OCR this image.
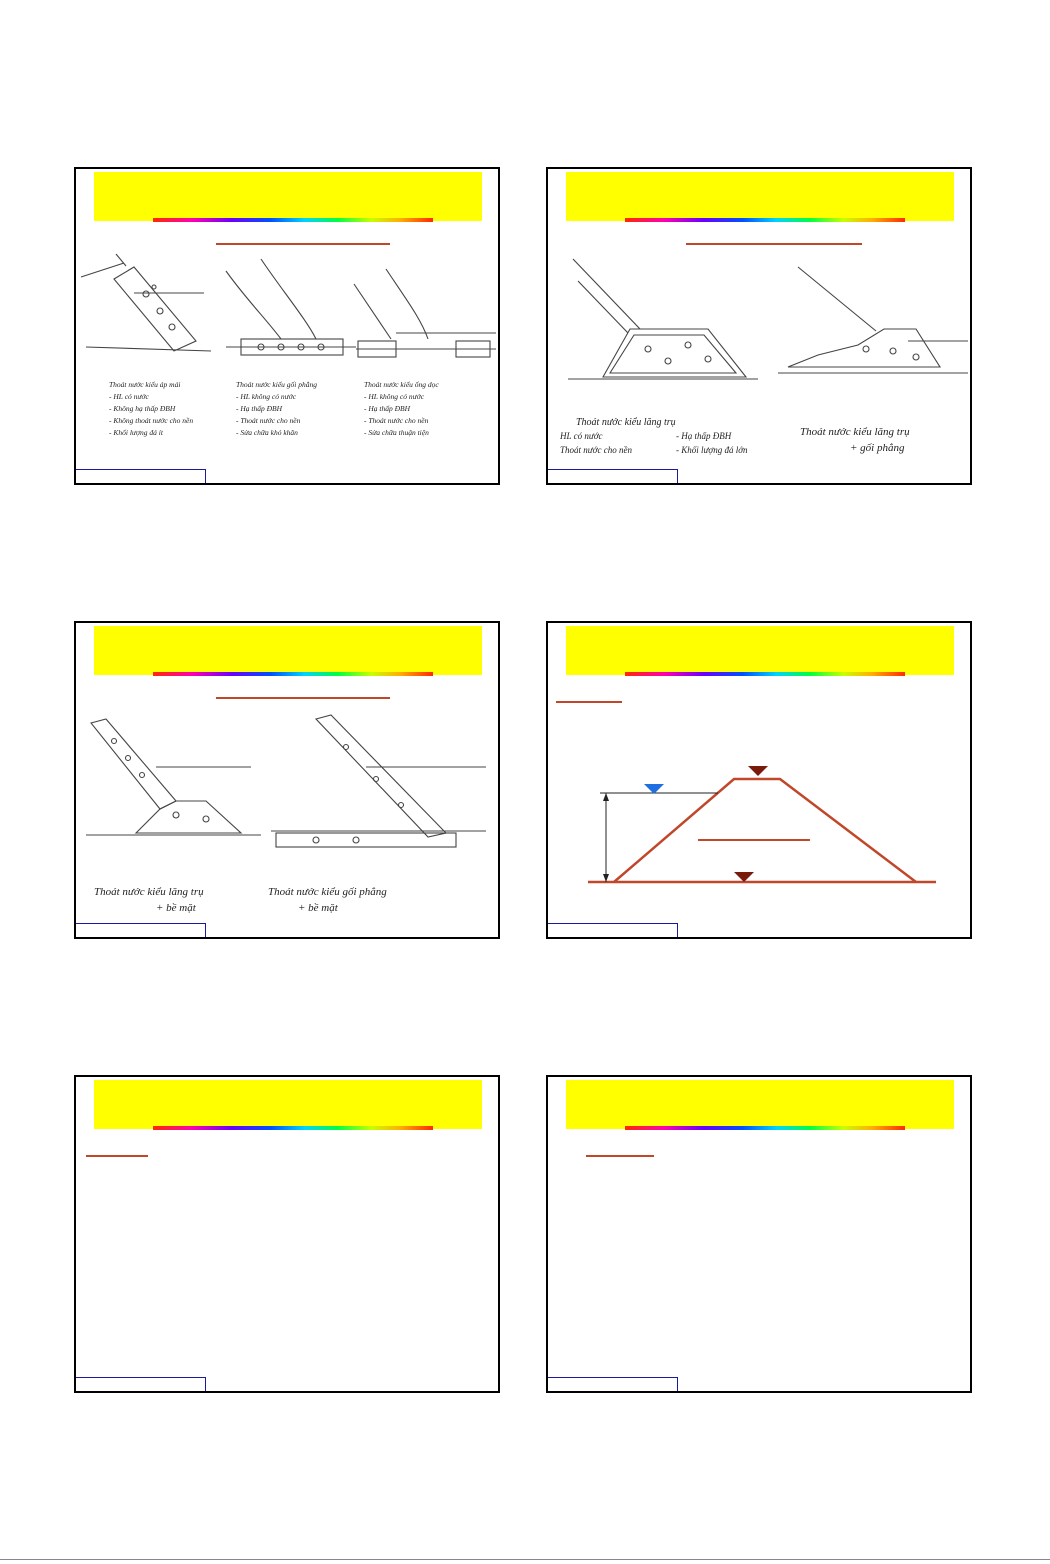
Thoát nước kiểu áp mái
- HL có nước
- Không hạ thấp ĐBH
- Không thoát nước cho nền
- Khối lượng đá ít
Thoát nước kiểu gối phẳng
- HL không có nước
- Hạ thấp ĐBH
- Thoát nước cho nền
- Sửa chữa khó khăn
Thoát nước kiểu ống dọc
- HL không có nước
- Hạ thấp ĐBH
- Thoát nước cho nền
- Sửa chữa thuận tiện
Thoát nước kiểu lăng trụ
HL có nước	- Hạ thấp ĐBH
Thoát nước cho nền	- Khối lượng đá lớn
Thoát nước kiểu lăng trụ
+ gối phẳng
Thoát nước kiểu lăng trụ
+ bề mặt
Thoát nước kiểu gối phẳng
+ bề mặt
